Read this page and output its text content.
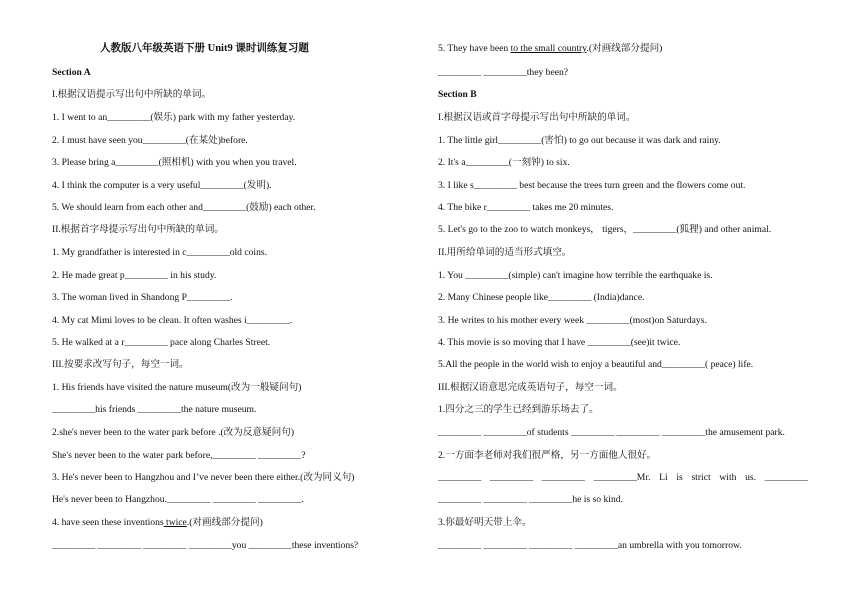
人教版八年级英语下册 Unit9 课时训练复习题
Section A
I.根据汉语提示写出句中所缺的单词。
1. I went to an_________(娱乐) park with my father yesterday.
2. I must have seen you_________(在某处)before.
3. Please bring a_________(照相机) with you when you travel.
4. I think the computer is a very useful_________(发明).
5. We should learn from each other and_________(鼓励) each other.
II.根据首字母提示写出句中所缺的单词。
1. My grandfather is interested in c_________old coins.
2. He made great p_________ in his study.
3. The woman lived in Shandong P_________.
4. My cat Mimi loves to be clean. It often washes i_________.
5. He walked at a r_________ pace along Charles Street.
III.按要求改写句子，每空一词。
1. His friends have visited the nature museum(改为一般疑问句)
_________his friends _________the nature museum.
2.she's never been to the water park before .(改为反意疑问句)
She's never been to the water park before,_________ _________?
3. He's never been to Hangzhou and I’ve never been there either.(改为同义句)
He's never been to Hangzhou._________ _________ _________.
4. have seen these inventions twice.(对画线部分提问)
_________ _________ _________ _________you _________these inventions?
5. They have been to the small country.(对画线部分提问)
_________ _________they been?
Section B
I.根据汉语或首字母提示写出句中所缺的单词。
1. The little girl_________(害怕) to go out because it was dark and rainy.
2. It's a_________(一刻钟) to six.
3. I like s_________ best because the trees turn green and the flowers come out.
4. The bike r_________ takes me 20 minutes.
5. Let's go to the zoo to watch monkeys， tigers，_________(狐狸) and other animal.
II.用所给单词的适当形式填空。
1. You _________(simple) can't imagine how terrible the earthquake is.
2. Many Chinese people like_________ (India)dance.
3. He writes to his mother every week _________(most)on Saturdays.
4. This movie is so moving that I have _________(see)it twice.
5.All the people in the world wish to enjoy a beautiful and_________( peace) life.
III.根据汉语意思完成英语句子，每空一词。
1.四分之三的学生已经到游乐场去了。
_________ _________of students _________ _________ _________the amusement park.
2.一方面李老师对我们很严格，另一方面他人很好。
_________ _________ _________ _________Mr. Li is strict with us. _________
_________ _________ _________he is so kind.
3.你最好明天带上伞。
_________ _________ _________ _________an umbrella with you tomorrow.
